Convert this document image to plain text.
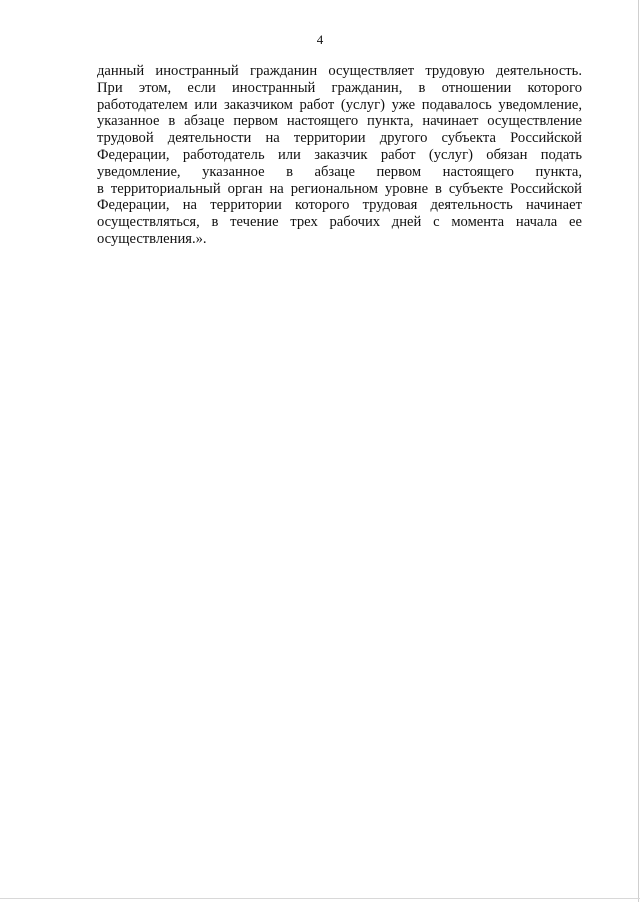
4
данный иностранный гражданин осуществляет трудовую деятельность.
При этом, если иностранный гражданин, в отношении которого
работодателем или заказчиком работ (услуг) уже подавалось уведомление,
указанное в абзаце первом настоящего пункта, начинает осуществление
трудовой деятельности на территории другого субъекта Российской
Федерации, работодатель или заказчик работ (услуг) обязан подать
уведомление, указанное в абзаце первом настоящего пункта,
в территориальный орган на региональном уровне в субъекте Российской
Федерации, на территории которого трудовая деятельность начинает
осуществляться, в течение трех рабочих дней с момента начала ее
осуществления.».
